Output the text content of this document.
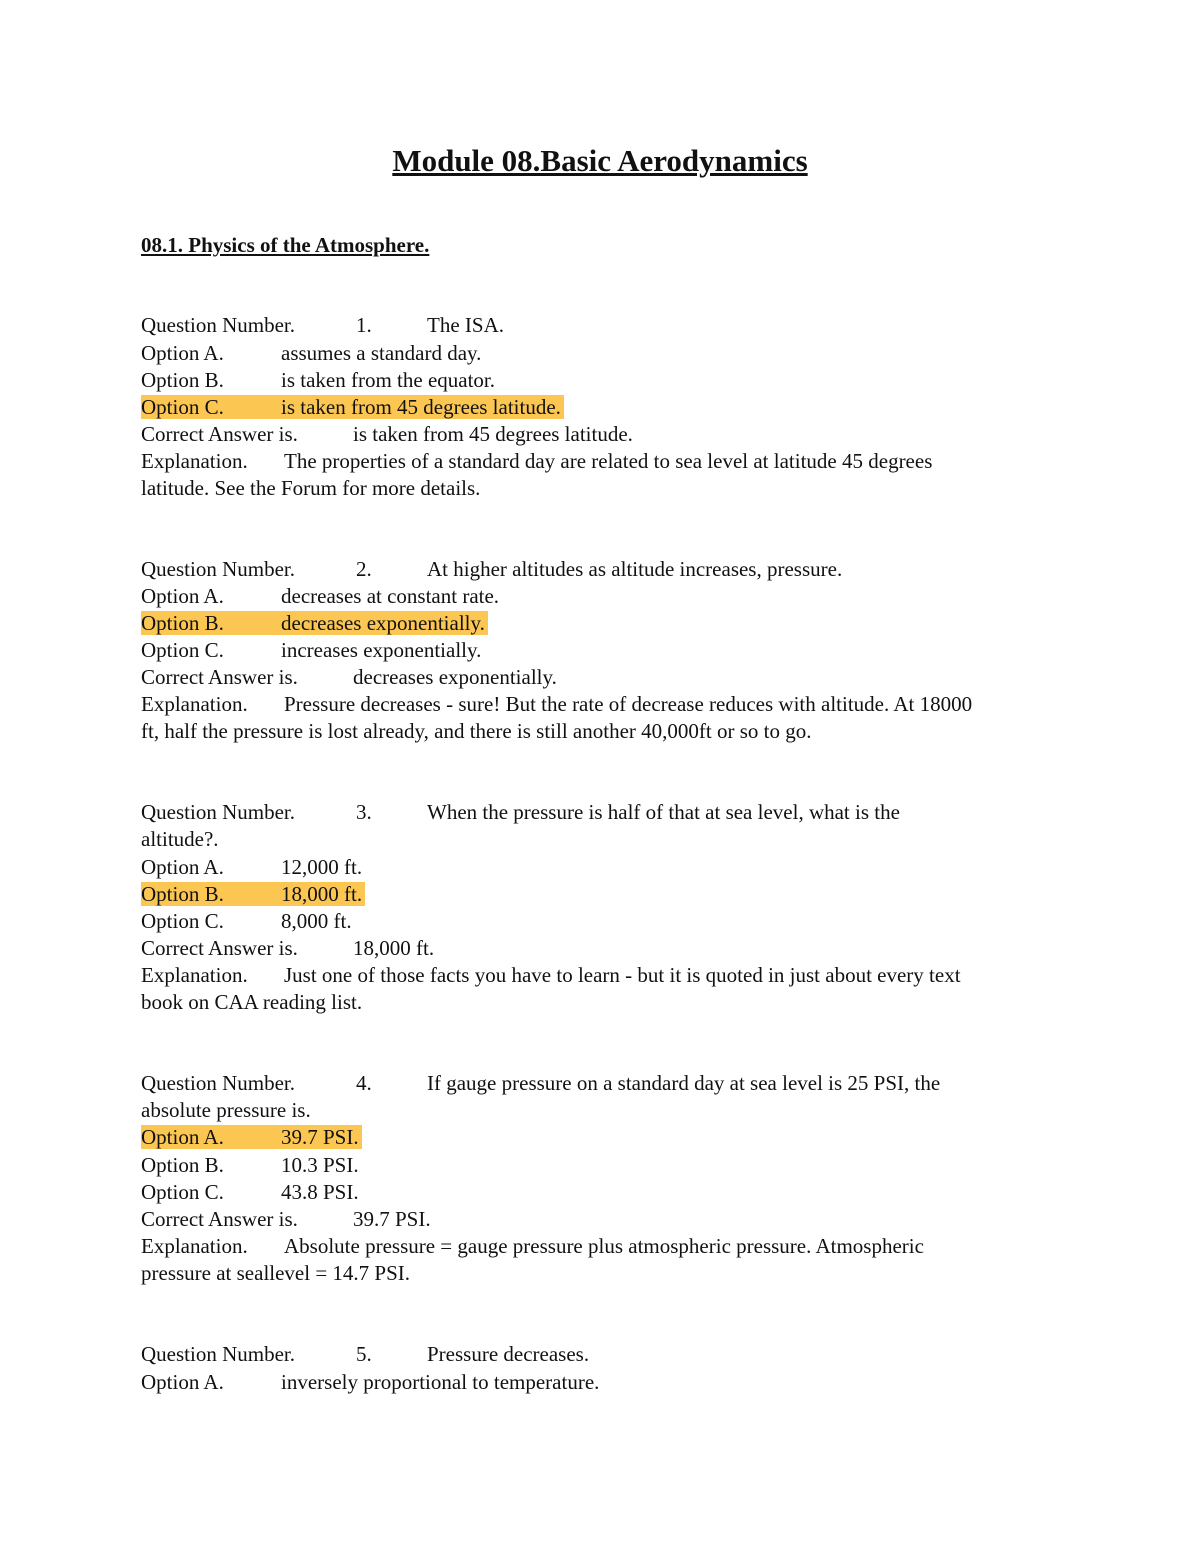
Module 08.Basic Aerodynamics
08.1. Physics of the Atmosphere.
Question Number.	1.	The ISA.
Option A.	assumes a standard day.
Option B.	is taken from the equator.
Option C.	is taken from 45 degrees latitude.
Correct Answer is.	is taken from 45 degrees latitude.
Explanation. The properties of a standard day are related to sea level at latitude 45 degrees
latitude. See the Forum for more details.
Question Number.	2.	At higher altitudes as altitude increases, pressure.
Option A.	decreases at constant rate.
Option B.	decreases exponentially.
Option C.	increases exponentially.
Correct Answer is.	decreases exponentially.
Explanation. Pressure decreases - sure! But the rate of decrease reduces with altitude. At 18000
ft, half the pressure is lost already, and there is still another 40,000ft or so to go.
Question Number.	3.	When the pressure is half of that at sea level, what is the
altitude?.
Option A.	12,000 ft.
Option B.	18,000 ft.
Option C.	8,000 ft.
Correct Answer is.	18,000 ft.
Explanation. Just one of those facts you have to learn - but it is quoted in just about every text
book on CAA reading list.
Question Number.	4.	If gauge pressure on a standard day at sea level is 25 PSI, the
absolute pressure is.
Option A.	39.7 PSI.
Option B.	10.3 PSI.
Option C.	43.8 PSI.
Correct Answer is.	39.7 PSI.
Explanation. Absolute pressure = gauge pressure plus atmospheric pressure. Atmospheric
pressure at seallevel = 14.7 PSI.
Question Number.	5.	Pressure decreases.
Option A.	inversely proportional to temperature.
